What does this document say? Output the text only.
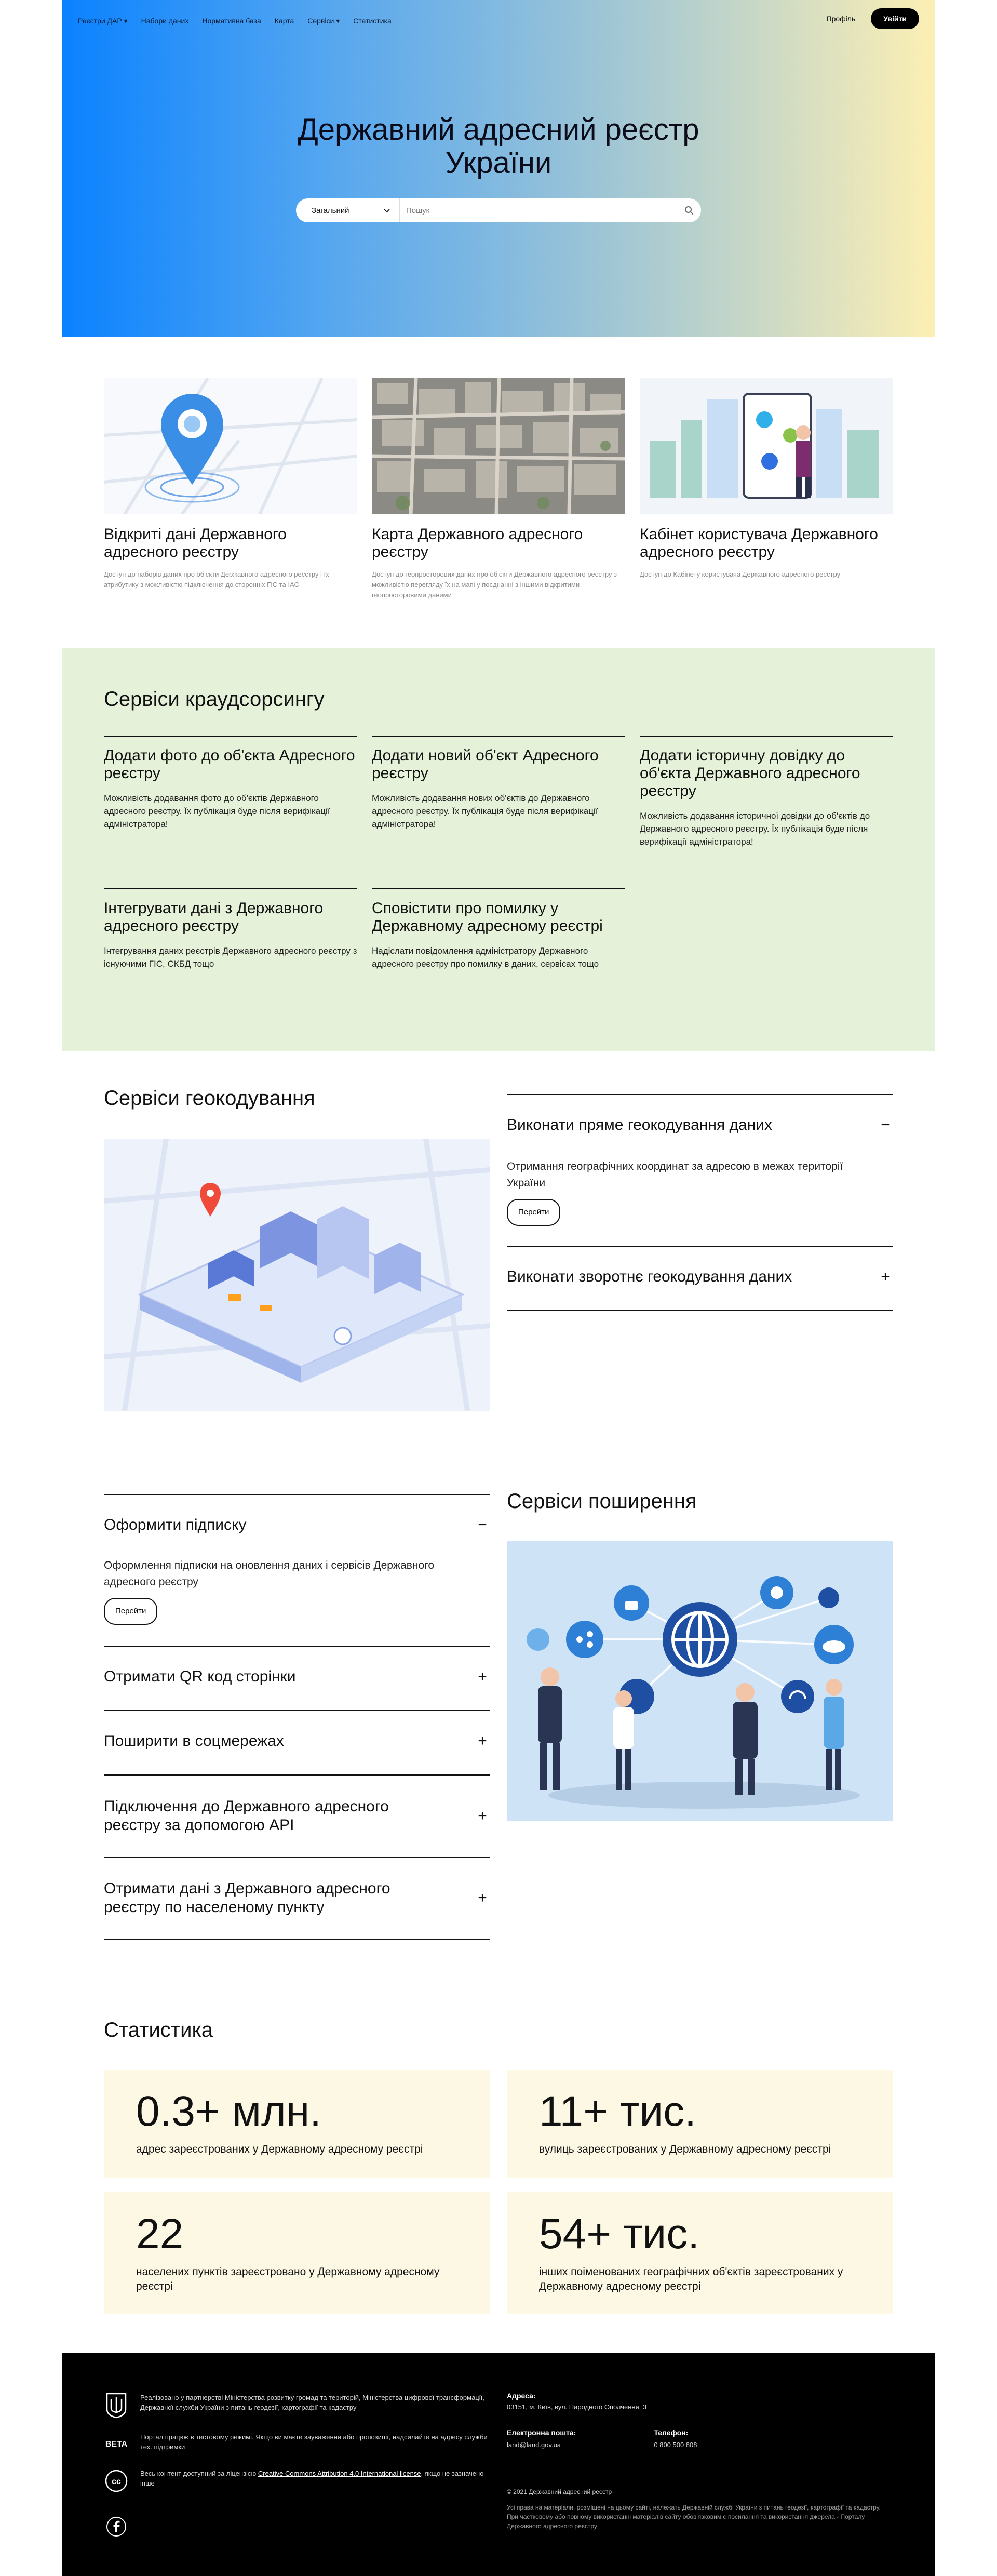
Реєстри ДАР ▾ Набори даних Нормативна база Карта Сервіси ▾ Статистика	Профіль	Увійти
Державний адресний реєстр
України
Загальний
Пошук
Відкриті дані Державного адресного реєстру
Доступ до наборів даних про об'єкти Державного адресного реєстру і їх атрибутику з можливістю підключення до сторонніх ГІС та ІАС
Карта Державного адресного реєстру
Доступ до геопросторових даних про об'єкти Державного адресного реєстру з можливістю перегляду їх на мапі у поєднанні з іншими відкритими геопросторовими даними
Кабінет користувача Державного адресного реєстру
Доступ до Кабінету користувача Державного адресного реєстру
Сервіси краудсорсингу
Додати фото до об'єкта Адресного реєстру

Можливість додавання фото до об'єктів Державного адресного реєстру. Їх публікація буде після верифікації адміністратора!

Додати новий об'єкт Адресного реєстру

Можливість додавання нових об'єктів до Державного адресного реєстру. Їх публікація буде після верифікації адміністратора!

Додати історичну довідку до об'єкта Державного адресного реєстру

Можливість додавання історичної довідки до об'єктів до Державного адресного реєстру. Їх публікація буде після верифікації адміністратора!

Інтегрувати дані з Державного адресного реєстру

Інтегрування даних реєстрів Державного адресного реєстру з існуючими ГІС, СКБД тощо

Сповістити про помилку у Державному адресному реєстрі

Надіслати повідомлення адміністратору Державного адресного реєстру про помилку в даних, сервісах тощо

Сервіси геокодування
Виконати пряме геокодування даних	−
Отримання географічних координат за адресою в межах території України
Перейти
Виконати зворотнє геокодування даних	+
Оформити підписку	−
Оформлення підписки на оновлення даних і сервісів Державного адресного реєстру
Перейти
Отримати QR код сторінки	+
Поширити в соцмережах	+
Підключення до Державного адресного реєстру за допомогою API
+
Отримати дані з Державного адресного реєстру по населеному пункту
+
Сервіси поширення
Статистика
0.3+ млн.
адрес зареєстрованих у Державному адресному реєстрі
11+ тис.
вулиць зареєстрованих у Державному адресному реєстрі
22
населених пунктів зареєстровано у Державному адресному реєстрі
54+ тис.
інших поіменованих географічних об'єктів зареєстрованих у Державному адресному реєстрі
Реалізовано у партнерстві Міністерства розвитку громад та територій, Міністерства цифрової трансформації, Державної служби України з питань геодезії, картографії та кадастру
BETA
Портал працює в тестовому режимі. Якщо ви маєте зауваження або пропозиції, надсилайте на адресу служби тех. підтримки
cc
Весь контент доступний за ліцензією Creative Commons Attribution 4.0 International license, якщо не зазначено інше
Адреса:
03151, м. Київ, вул. Народного Ополчення, 3
Електронна пошта:
land@land.gov.ua
Телефон:
0 800 500 808
© 2021 Державний адресний реєстр
Усі права на матеріали, розміщені на цьому сайті, належать Державній службі України з питань геодезії, картографії та кадастру. При частковому або повному використанні матеріалів сайту обов'язковим є посилання та використання джерела - Порталу Державного адресного реєстру
